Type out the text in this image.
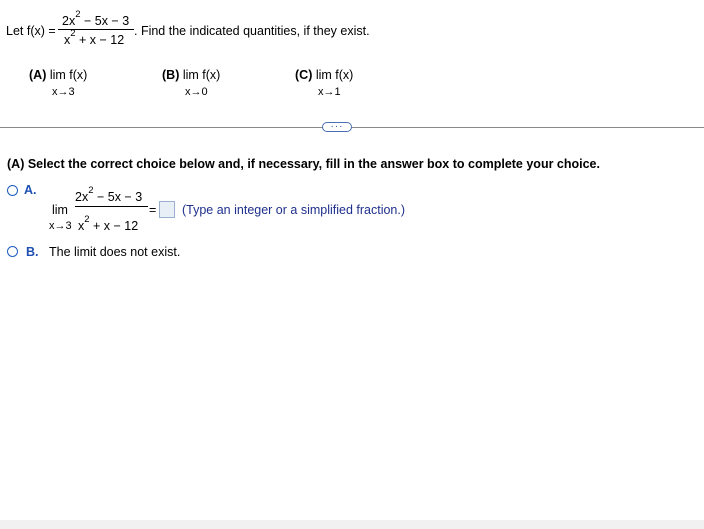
Let f(x) =
$2x^2 - 5x - 3$
$x^2 + x - 12$
. Find the indicated quantities, if they exist.
(A) lim f(x)
x→3
(B) lim f(x)
x→0
(C) lim f(x)
x→1
···
(A) Select the correct choice below and, if necessary, fill in the answer box to complete your choice.
A.
lim
x→3
$2x^2 - 5x - 3$
$x^2 + x - 12$
= (Type an integer or a simplified fraction.)
B. The limit does not exist.
